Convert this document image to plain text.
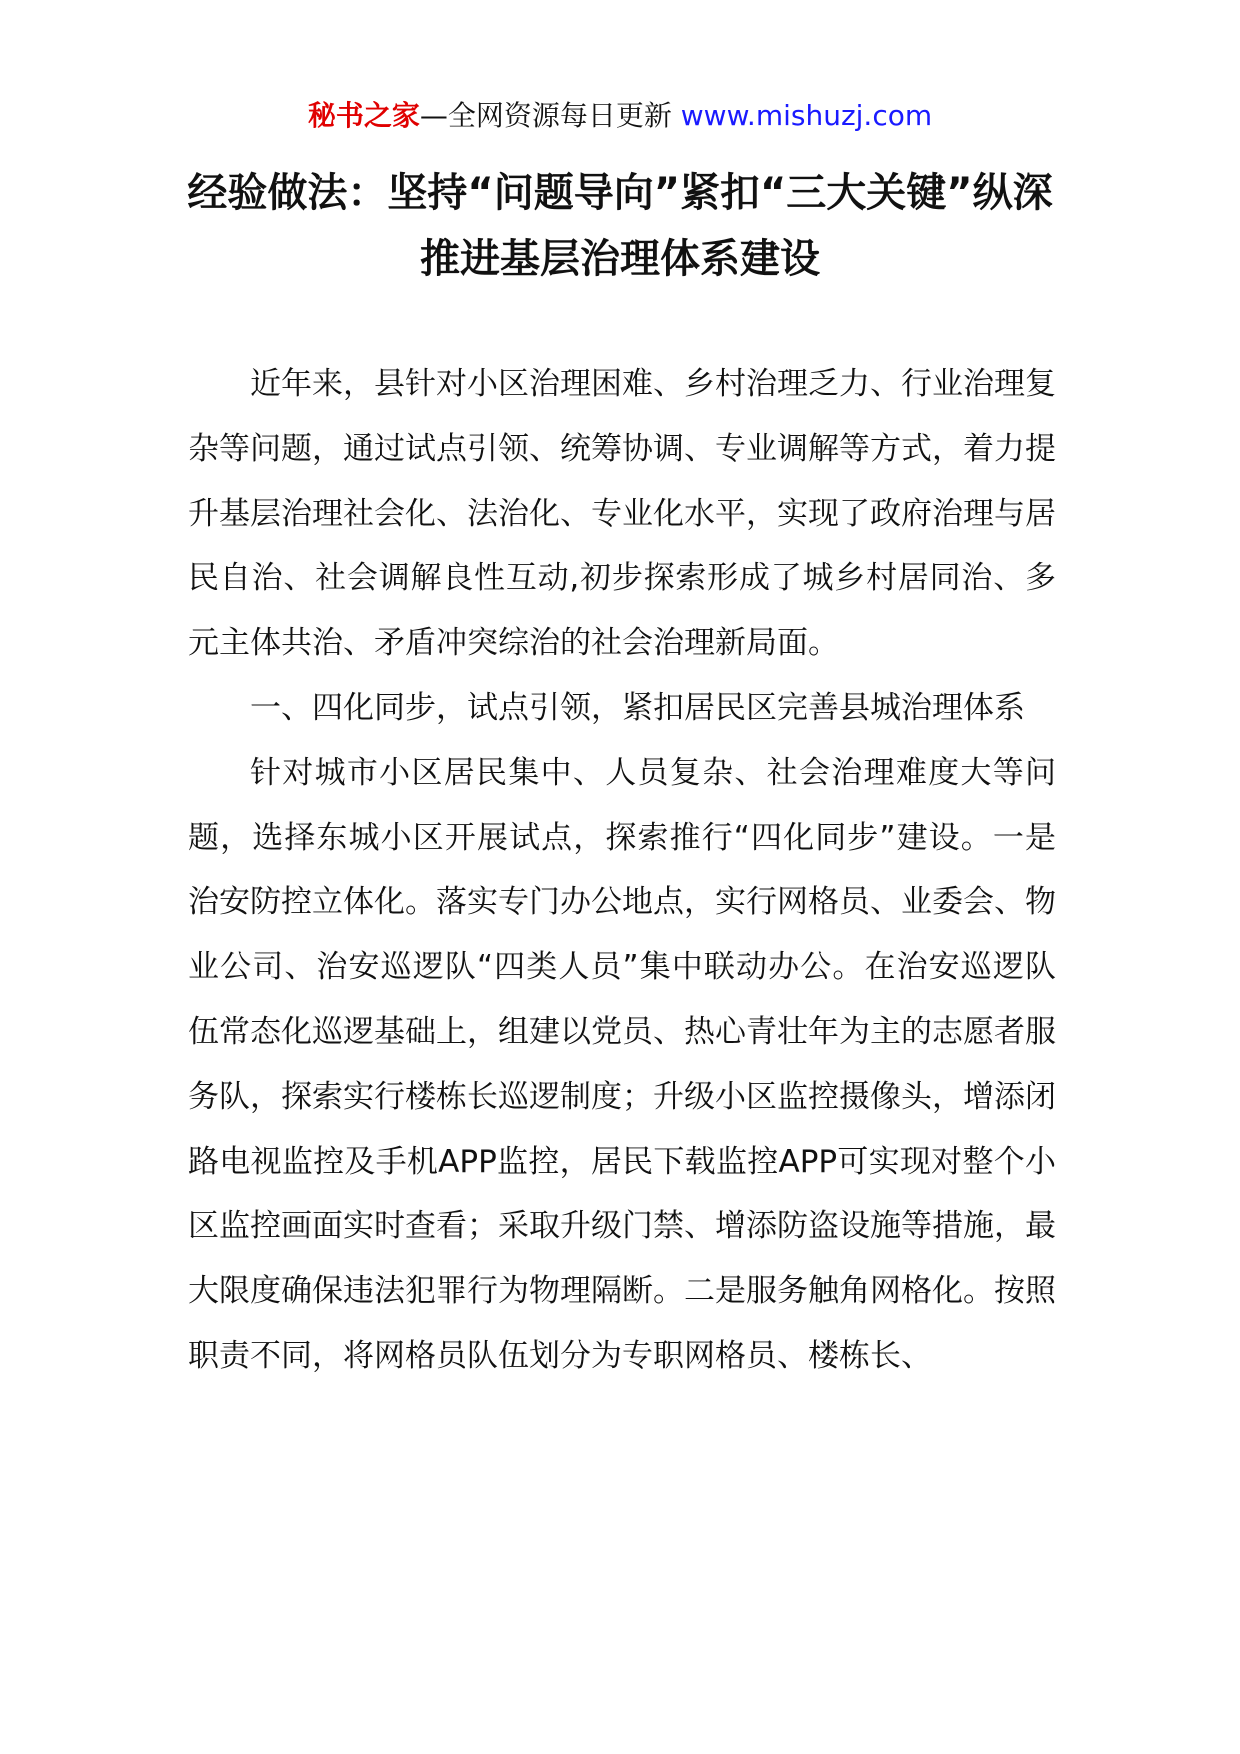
秘书之家—全网资源每日更新 www.mishuzj.com
经验做法：坚持“问题导向”紧扣“三大关键”纵深推进基层治理体系建设

近年来，县针对小区治理困难、乡村治理乏力、行业治理复杂等问题，通过试点引领、统筹协调、专业调解等方式，着力提升基层治理社会化、法治化、专业化水平，实现了政府治理与居民自治、社会调解良性互动,初步探索形成了城乡村居同治、多元主体共治、矛盾冲突综治的社会治理新局面。

一、四化同步，试点引领，紧扣居民区完善县城治理体系

针对城市小区居民集中、人员复杂、社会治理难度大等问题，选择东城小区开展试点，探索推行“四化同步”建设。一是治安防控立体化。落实专门办公地点，实行网格员、业委会、物业公司、治安巡逻队“四类人员”集中联动办公。在治安巡逻队伍常态化巡逻基础上，组建以党员、热心青壮年为主的志愿者服务队，探索实行楼栋长巡逻制度；升级小区监控摄像头，增添闭路电视监控及手机APP监控，居民下载监控APP可实现对整个小区监控画面实时查看；采取升级门禁、增添防盗设施等措施，最大限度确保违法犯罪行为物理隔断。二是服务触角网格化。按照职责不同，将网格员队伍划分为专职网格员、楼栋长、
